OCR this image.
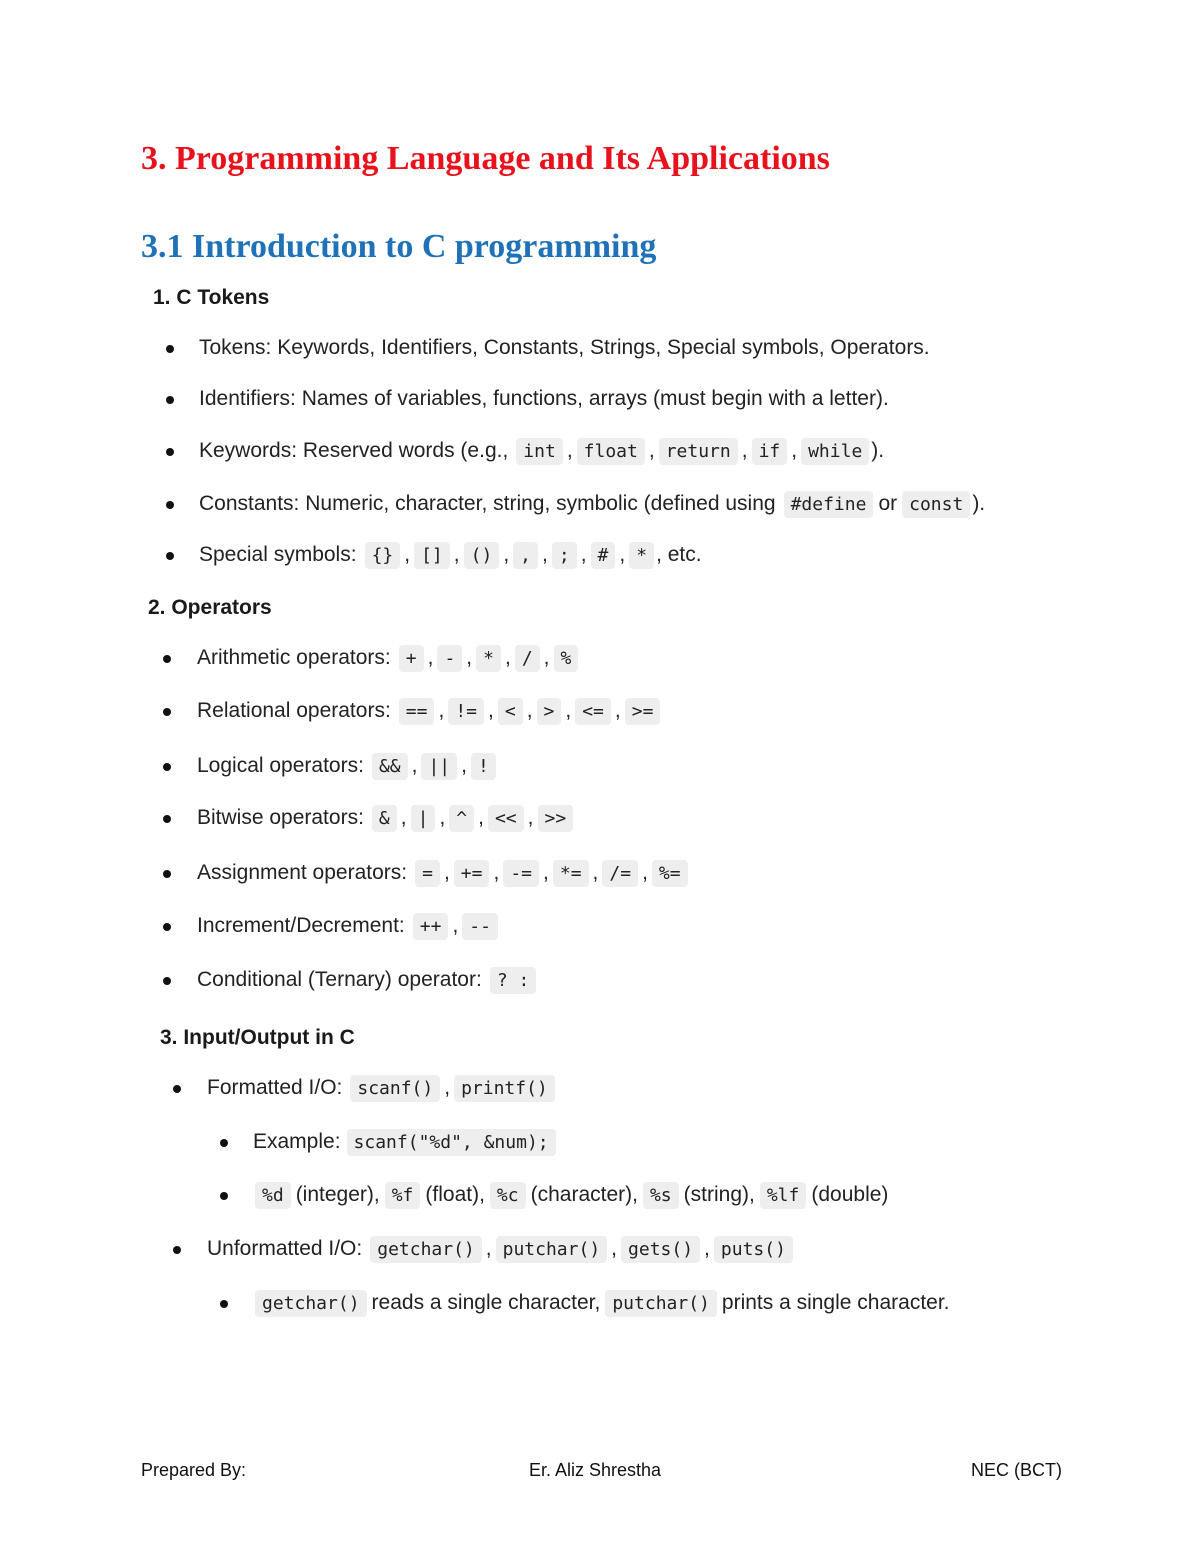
3. Programming Language and Its Applications
3.1 Introduction to C programming
1. C Tokens
Tokens: Keywords, Identifiers, Constants, Strings, Special symbols, Operators.
Identifiers: Names of variables, functions, arrays (must begin with a letter).
Keywords: Reserved words (e.g., int , float , return , if , while ).
Constants: Numeric, character, string, symbolic (defined using #define or const ).
Special symbols: {} , [] , () , , , ; , # , * , etc.
2. Operators
Arithmetic operators: + , - , * , / , %
Relational operators: == , != , < , > , <= , >=
Logical operators: && , || , !
Bitwise operators: & , | , ^ , << , >>
Assignment operators: = , += , -= , *= , /= , %=
Increment/Decrement: ++ , --
Conditional (Ternary) operator: ? :
3. Input/Output in C
Formatted I/O: scanf() , printf()
Example: scanf("%d", &num);
%d (integer), %f (float), %c (character), %s (string), %lf (double)
Unformatted I/O: getchar() , putchar() , gets() , puts()
getchar() reads a single character, putchar() prints a single character.
Prepared By:	Er. Aliz Shrestha	NEC (BCT)
